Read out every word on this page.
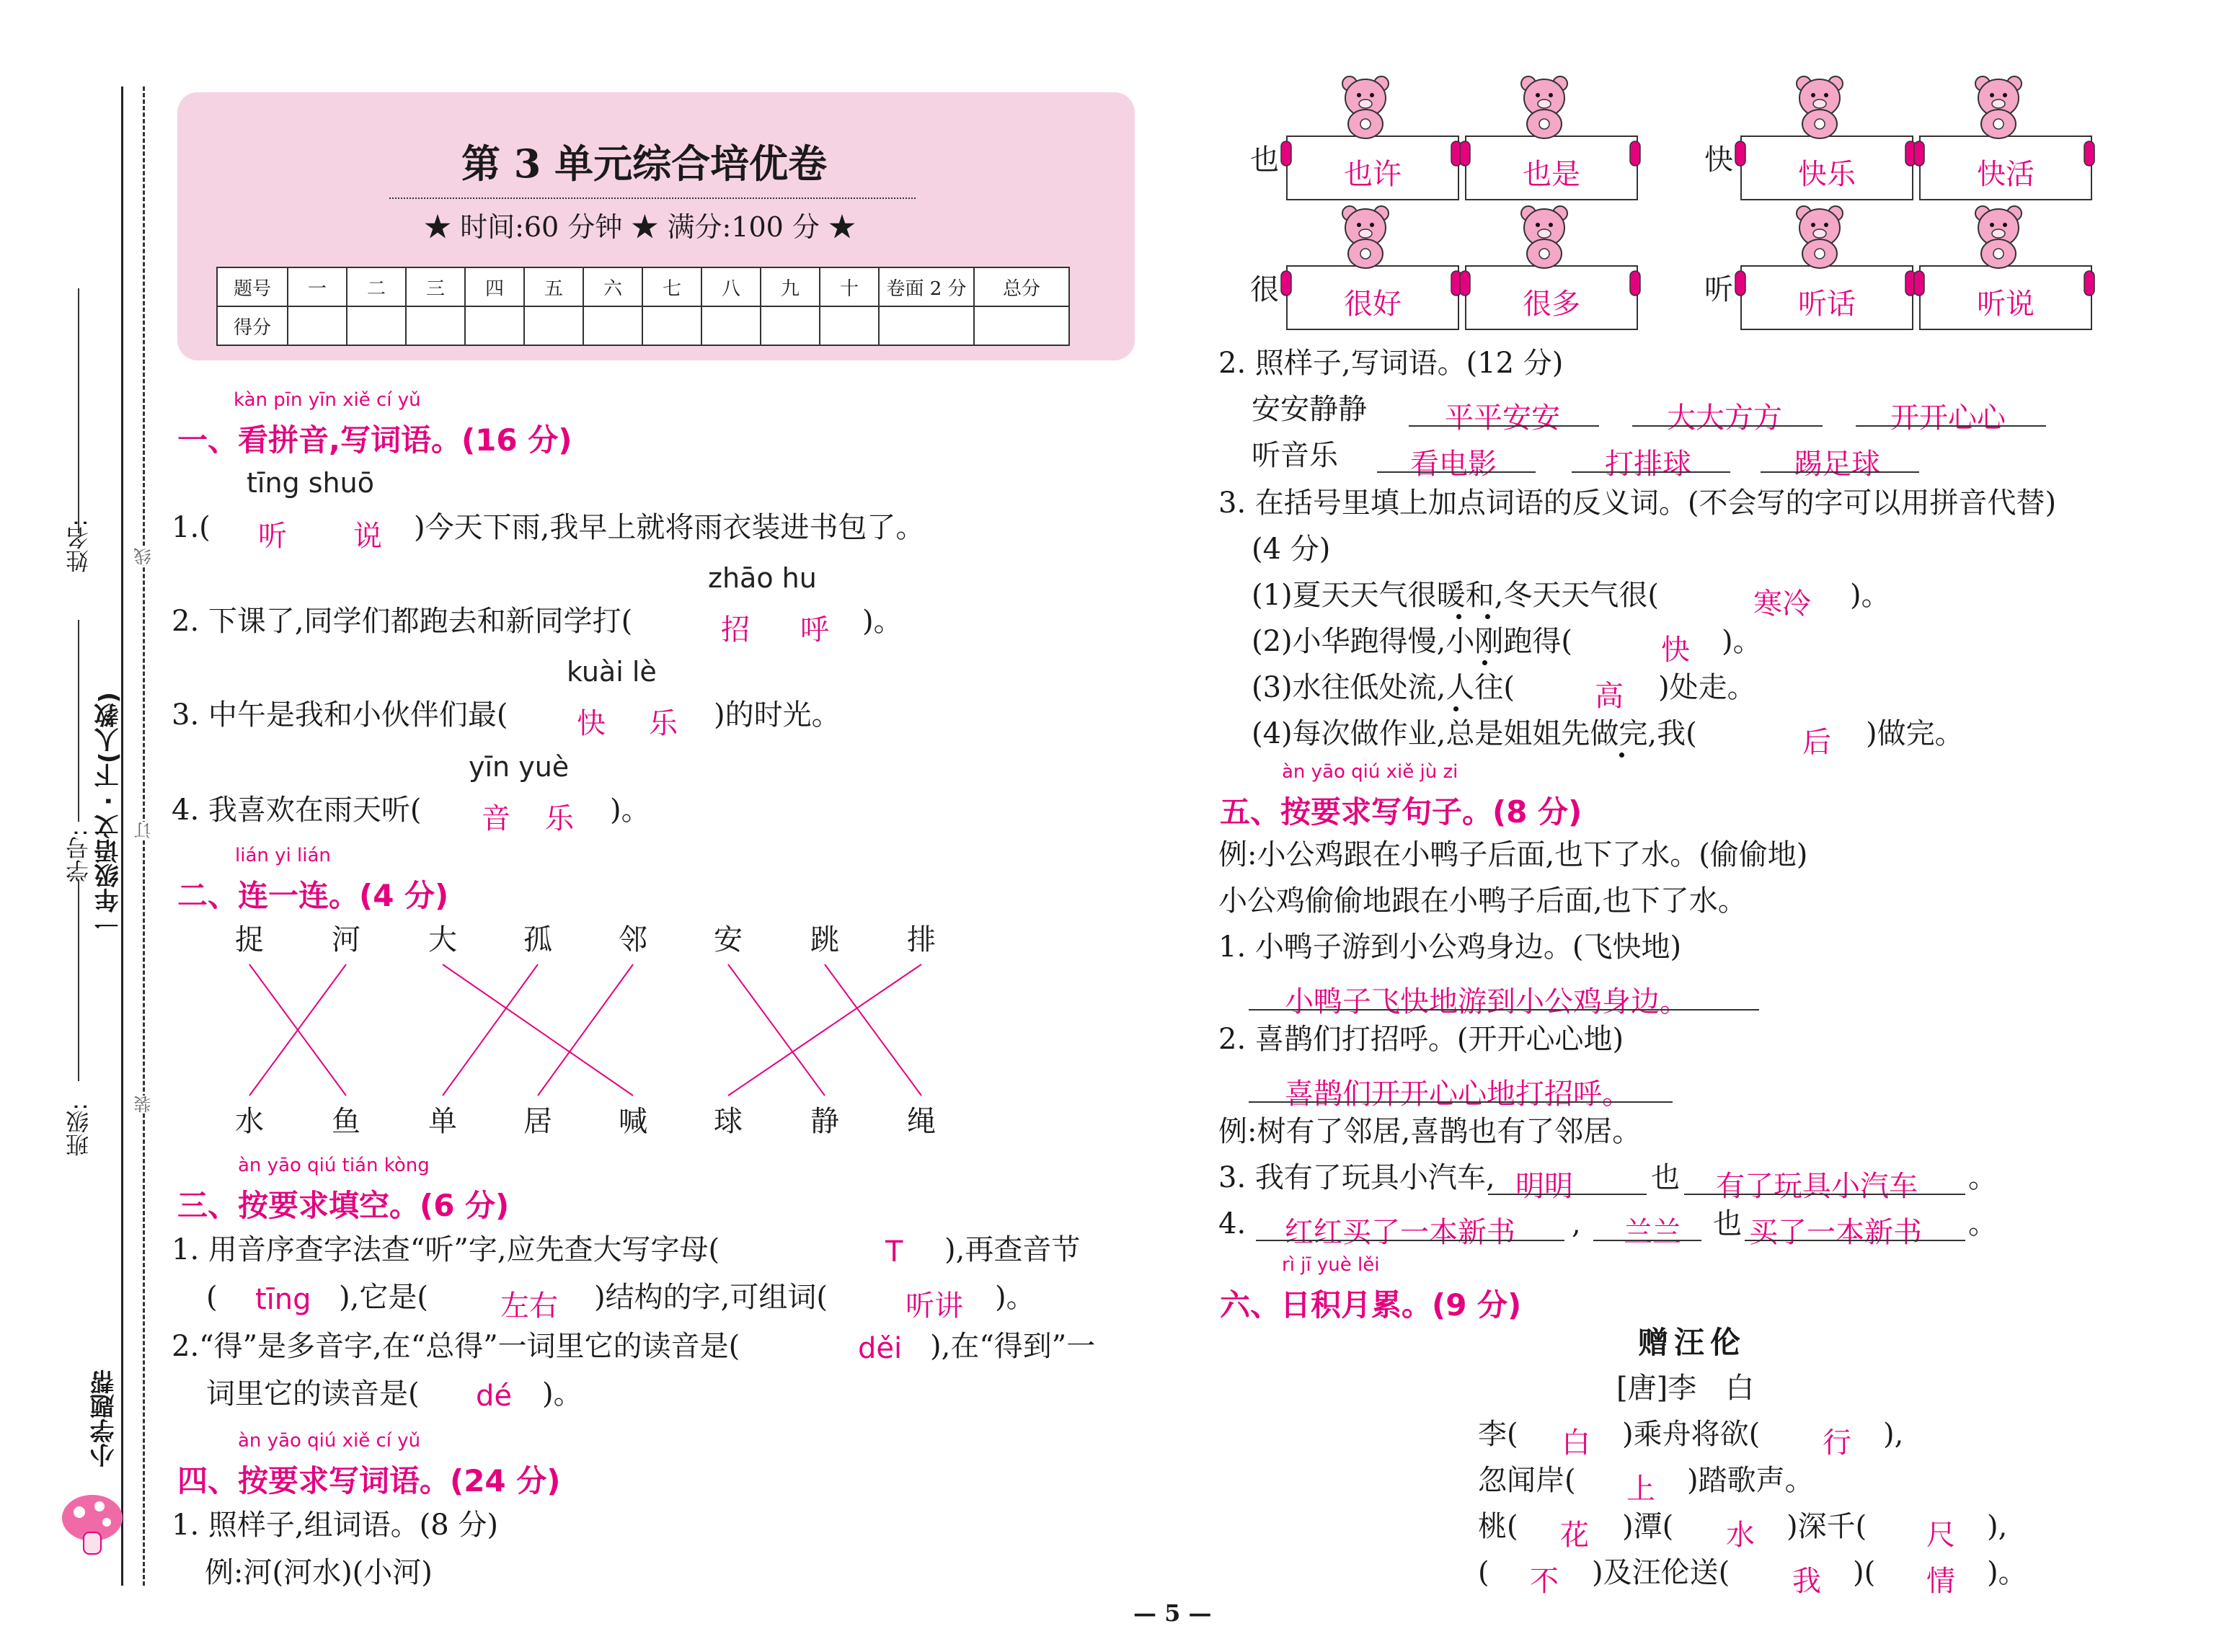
姓名:
学号: 一年级语文 · 下(人教)
班级:
线
订
装
小学题帮
第 3 单元综合培优卷
★ 时间:60 分钟 ★ 满分:100 分 ★
题号	一	二	三	四	五	六	七	八	九	十	卷面 2 分	总分
得分												
kàn pīn yīn xiě cí yǔ
一、看拼音,写词语。(16 分)
tīng shuō
1.( 听 说 )今天下雨,我早上就将雨衣装进书包了。
zhāo hu
2. 下课了,同学们都跑去和新同学打(	招 呼 )。
kuài lè
3. 中午是我和小伙伴们最( 快 乐 )的时光。
yīn yuè
4. 我喜欢在雨天听( 音 乐 )。
lián yi lián
二、连一连。(4 分)
捉 河 大 孤 邻 安 跳 排
水 鱼 单 居 喊 球 静 绳
àn yāo qiú tián kòng
三、按要求填空。(6 分)
1. 用音序查字法查“听”字,应先查大写字母(	T ),再查音节
( tīng ),它是(	左右 )结构的字,可组词(	听讲 )。
2.“得”是多音字,在“总得”一词里它的读音是(	děi ),在“得到”一
词里它的读音是( dé )。
àn yāo qiú xiě cí yǔ
四、按要求写词语。(24 分)
1. 照样子,组词语。(8 分)
例:河(河水)(小河)
也	快
很	听
也许	也是	快乐	快活
很好	很多	听话	听说
2. 照样子,写词语。(12 分)
安安静静	平平安安	大大方方	开开心心
听音乐	看电影	打排球	踢足球
3. 在括号里填上加点词语的反义词。(不会写的字可以用拼音代替)
(4 分)
(1)夏天天气很暖和,冬天天气很(	寒冷 )。
(2)小华跑得慢,小刚跑得(	快 )。
(3)水往低处流,人往(	高 )处走。
(4)每次做作业,总是姐姐先做完,我(	后 )做完。
àn yāo qiú xiě jù zi
五、按要求写句子。(8 分)
例:小公鸡跟在小鸭子后面,也下了水。(偷偷地)
小公鸡偷偷地跟在小鸭子后面,也下了水。
1. 小鸭子游到小公鸡身边。(飞快地)
小鸭子飞快地游到小公鸡身边。
2. 喜鹊们打招呼。(开开心心地)
喜鹊们开开心心地打招呼。
例:树有了邻居,喜鹊也有了邻居。
3. 我有了玩具小汽车, 明明	也 有了玩具小汽车 。
4. 红红买了一本新书 , 兰兰 也 买了一本新书 。
rì jī yuè lěi
六、日积月累。(9 分)
赠汪伦
[唐]李　白
李( 白 )乘舟将欲( 行 ),
忽闻岸( 上 )踏歌声。
桃( 花 )潭( 水 )深千( 尺 ),
( 不 )及汪伦送( 我 )( 情 )。
— 5 —
